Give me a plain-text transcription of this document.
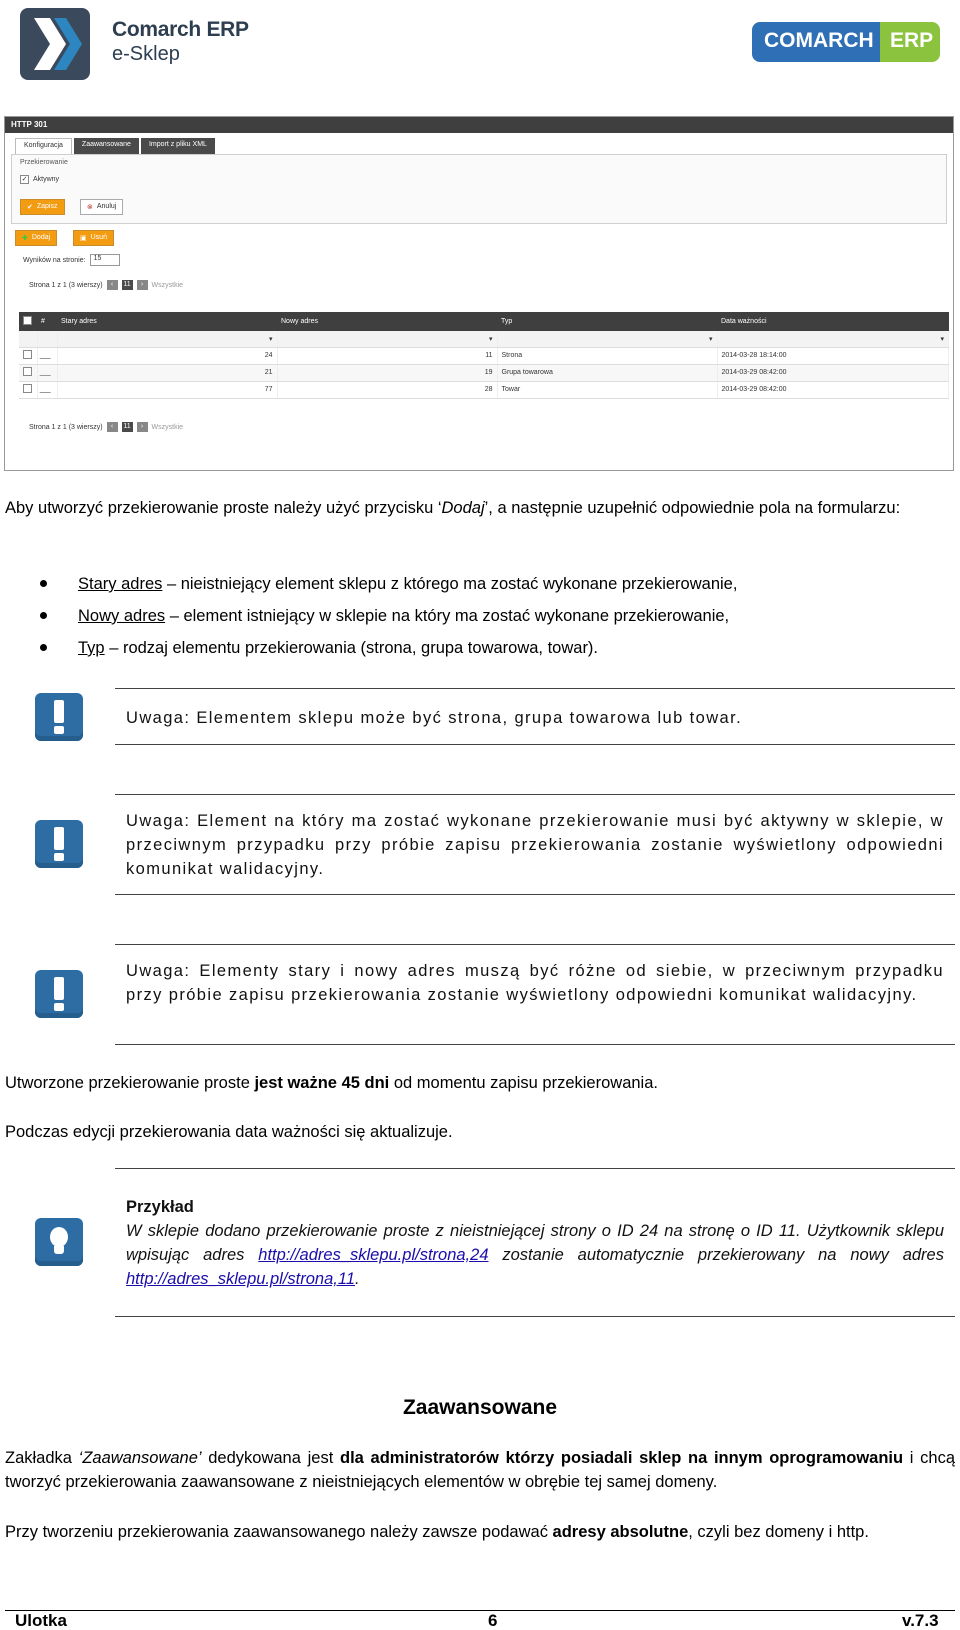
Comarch ERP
e-Sklep
COMARCH ERP
HTTP 301
Konfiguracja	Zaawansowane	Import z pliku XML
Przekierowanie
✓ Aktywny
✔ Zapisz	⊗ Anuluj
✚ Dodaj	▣ Usuń
Wyników na stronie:	15
Strona 1 z 1 (3 wierszy)	‹	11	›	Wszystkie
	#	Stary adres	Nowy adres	Typ	Data ważności
		▾	▾	▾	▾
		24	11	Strona	2014-03-28 18:14:00
		21	19	Grupa towarowa	2014-03-29 08:42:00
		77	28	Towar	2014-03-29 08:42:00
Strona 1 z 1 (3 wierszy)	‹	11	›	Wszystkie
Aby utworzyć przekierowanie proste należy użyć przycisku ‘Dodaj’, a następnie uzupełnić odpowiednie pola na formularzu:
Stary adres – nieistniejący element sklepu z którego ma zostać wykonane przekierowanie,
Nowy adres – element istniejący w sklepie na który ma zostać wykonane przekierowanie,
Typ – rodzaj elementu przekierowania (strona, grupa towarowa, towar).
Uwaga: Elementem sklepu może być strona, grupa towarowa lub towar.
Uwaga: Element na który ma zostać wykonane przekierowanie musi być aktywny w sklepie, w przeciwnym przypadku przy próbie zapisu przekierowania zostanie wyświetlony odpowiedni komunikat walidacyjny.
Uwaga: Elementy stary i nowy adres muszą być różne od siebie, w przeciwnym przypadku przy próbie zapisu przekierowania zostanie wyświetlony odpowiedni komunikat walidacyjny.
Utworzone przekierowanie proste jest ważne 45 dni od momentu zapisu przekierowania.
Podczas edycji przekierowania data ważności się aktualizuje.
Przykład
W sklepie dodano przekierowanie proste z nieistniejącej strony o ID 24 na stronę o ID 11. Użytkownik sklepu wpisując adres http://adres_sklepu.pl/strona,24 zostanie automatycznie przekierowany na nowy adres http://adres_sklepu.pl/strona,11.
Zaawansowane
Zakładka ‘Zaawansowane’ dedykowana jest dla administratorów którzy posiadali sklep na innym oprogramowaniu i chcą tworzyć przekierowania zaawansowane z nieistniejących elementów w obrębie tej samej domeny.
Przy tworzeniu przekierowania zaawansowanego należy zawsze podawać adresy absolutne, czyli bez domeny i http.
Ulotka	6	v.7.3
